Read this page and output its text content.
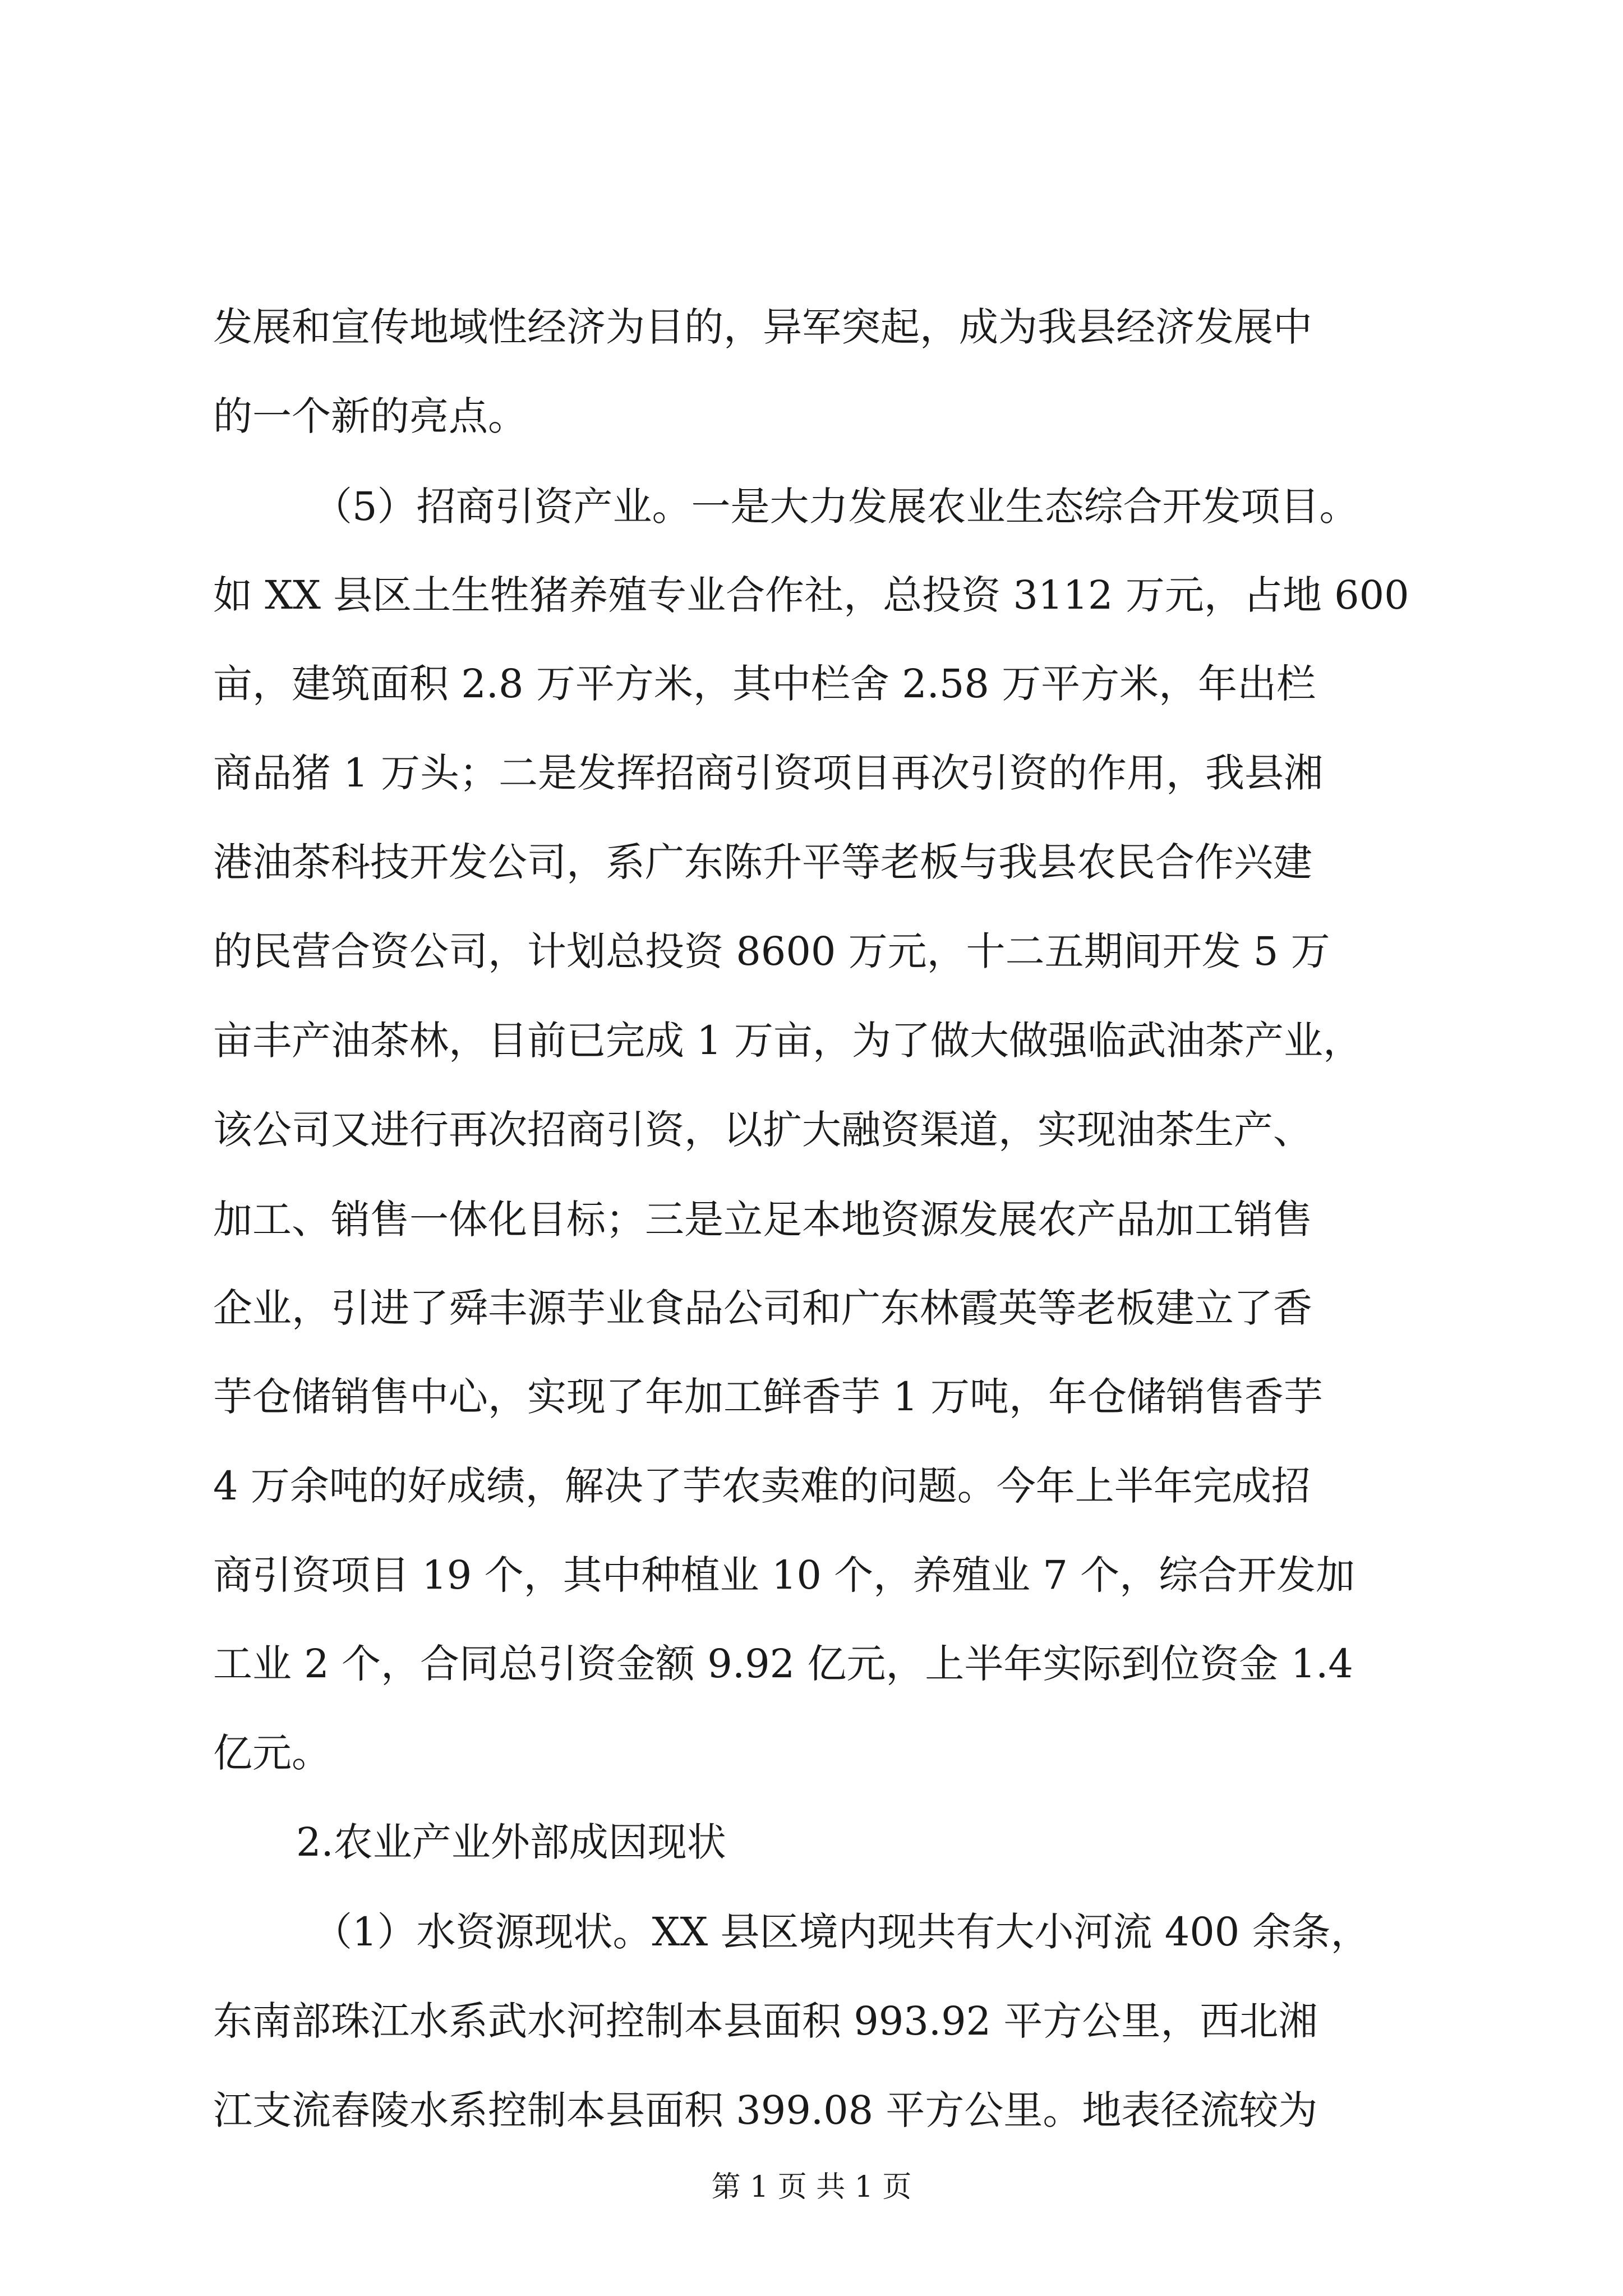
发展和宣传地域性经济为目的，异军突起，成为我县经济发展中
的一个新的亮点。
（5）招商引资产业。一是大力发展农业生态综合开发项目。
如 XX 县区土生牲猪养殖专业合作社，总投资 3112 万元，占地 600
亩，建筑面积 2.8 万平方米，其中栏舍 2.58 万平方米，年出栏
商品猪 1 万头；二是发挥招商引资项目再次引资的作用，我县湘
港油茶科技开发公司，系广东陈升平等老板与我县农民合作兴建
的民营合资公司，计划总投资 8600 万元，十二五期间开发 5 万
亩丰产油茶林，目前已完成 1 万亩，为了做大做强临武油茶产业，
该公司又进行再次招商引资，以扩大融资渠道，实现油茶生产、
加工、销售一体化目标；三是立足本地资源发展农产品加工销售
企业，引进了舜丰源芋业食品公司和广东林霞英等老板建立了香
芋仓储销售中心，实现了年加工鲜香芋 1 万吨，年仓储销售香芋
4 万余吨的好成绩，解决了芋农卖难的问题。今年上半年完成招
商引资项目 19 个，其中种植业 10 个，养殖业 7 个，综合开发加
工业 2 个，合同总引资金额 9.92 亿元，上半年实际到位资金 1.4
亿元。
2.农业产业外部成因现状
（1）水资源现状。XX 县区境内现共有大小河流 400 余条，
东南部珠江水系武水河控制本县面积 993.92 平方公里，西北湘
江支流舂陵水系控制本县面积 399.08 平方公里。地表径流较为
第 1 页 共 1 页
